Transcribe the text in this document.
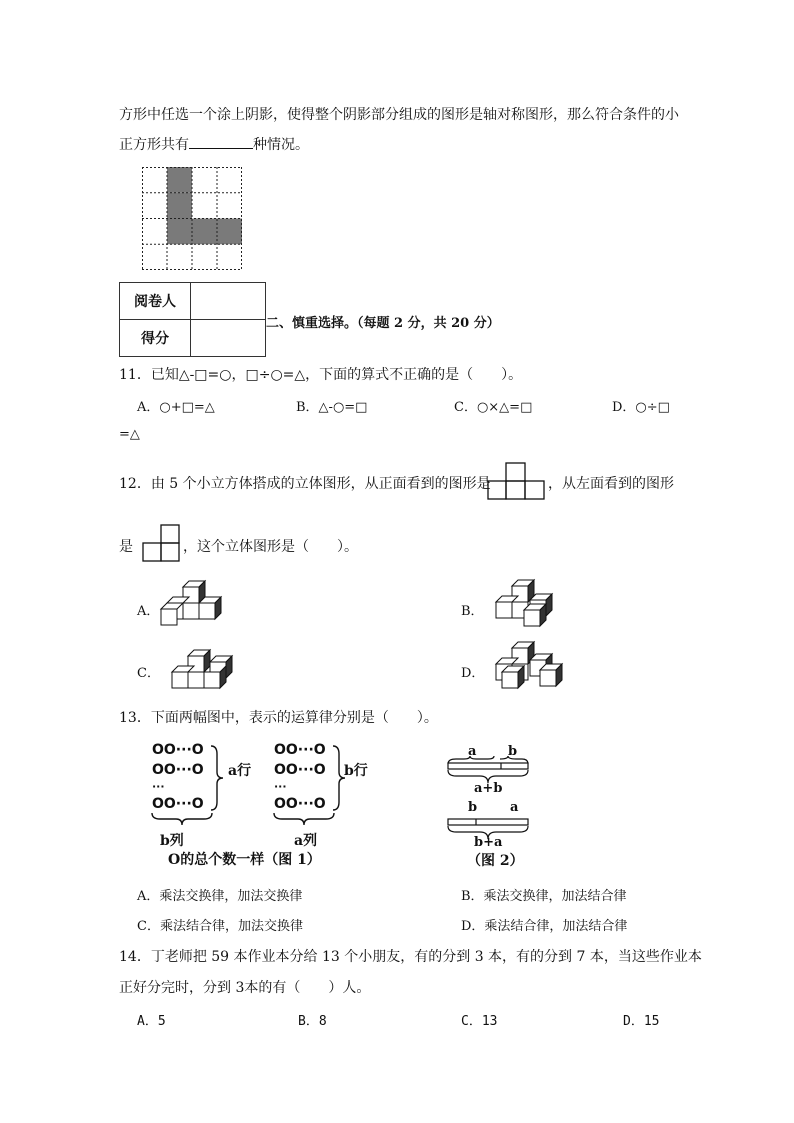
方形中任选一个涂上阴影，使得整个阴影部分组成的图形是轴对称图形，那么符合条件的小
正方形共有	种情况。
阅卷人	
得分	
二、慎重选择。（每题 2 分，共 20 分）
11．已知△-□=○，□÷○=△，下面的算式不正确的是（　　）。
A．○+□=△	B．△-○=□	C．○×△=□	D．○÷□
=△
12．由 5 个小立方体搭成的立体图形，从正面看到的图形是	，从左面看到的图形
是	，这个立体图形是（　　）。
A．	B．
C．	D．
13．下面两幅图中，表示的运算律分别是（　　）。
OO···O
OO···O
···
OO···O
a行
b列
OO···O
OO···O
···
OO···O
b行
a列
O的总个数一样（图 1）
a b
a+b
b	a
b+a
（图 2）
A．乘法交换律，加法交换律	B．乘法交换律，加法结合律
C．乘法结合律，加法交换律	D．乘法结合律，加法结合律
14．丁老师把 59 本作业本分给 13 个小朋友，有的分到 3 本，有的分到 7 本，当这些作业本
正好分完时，分到 3本的有（　　）人。
A．5	B．8	C．13	D．15
